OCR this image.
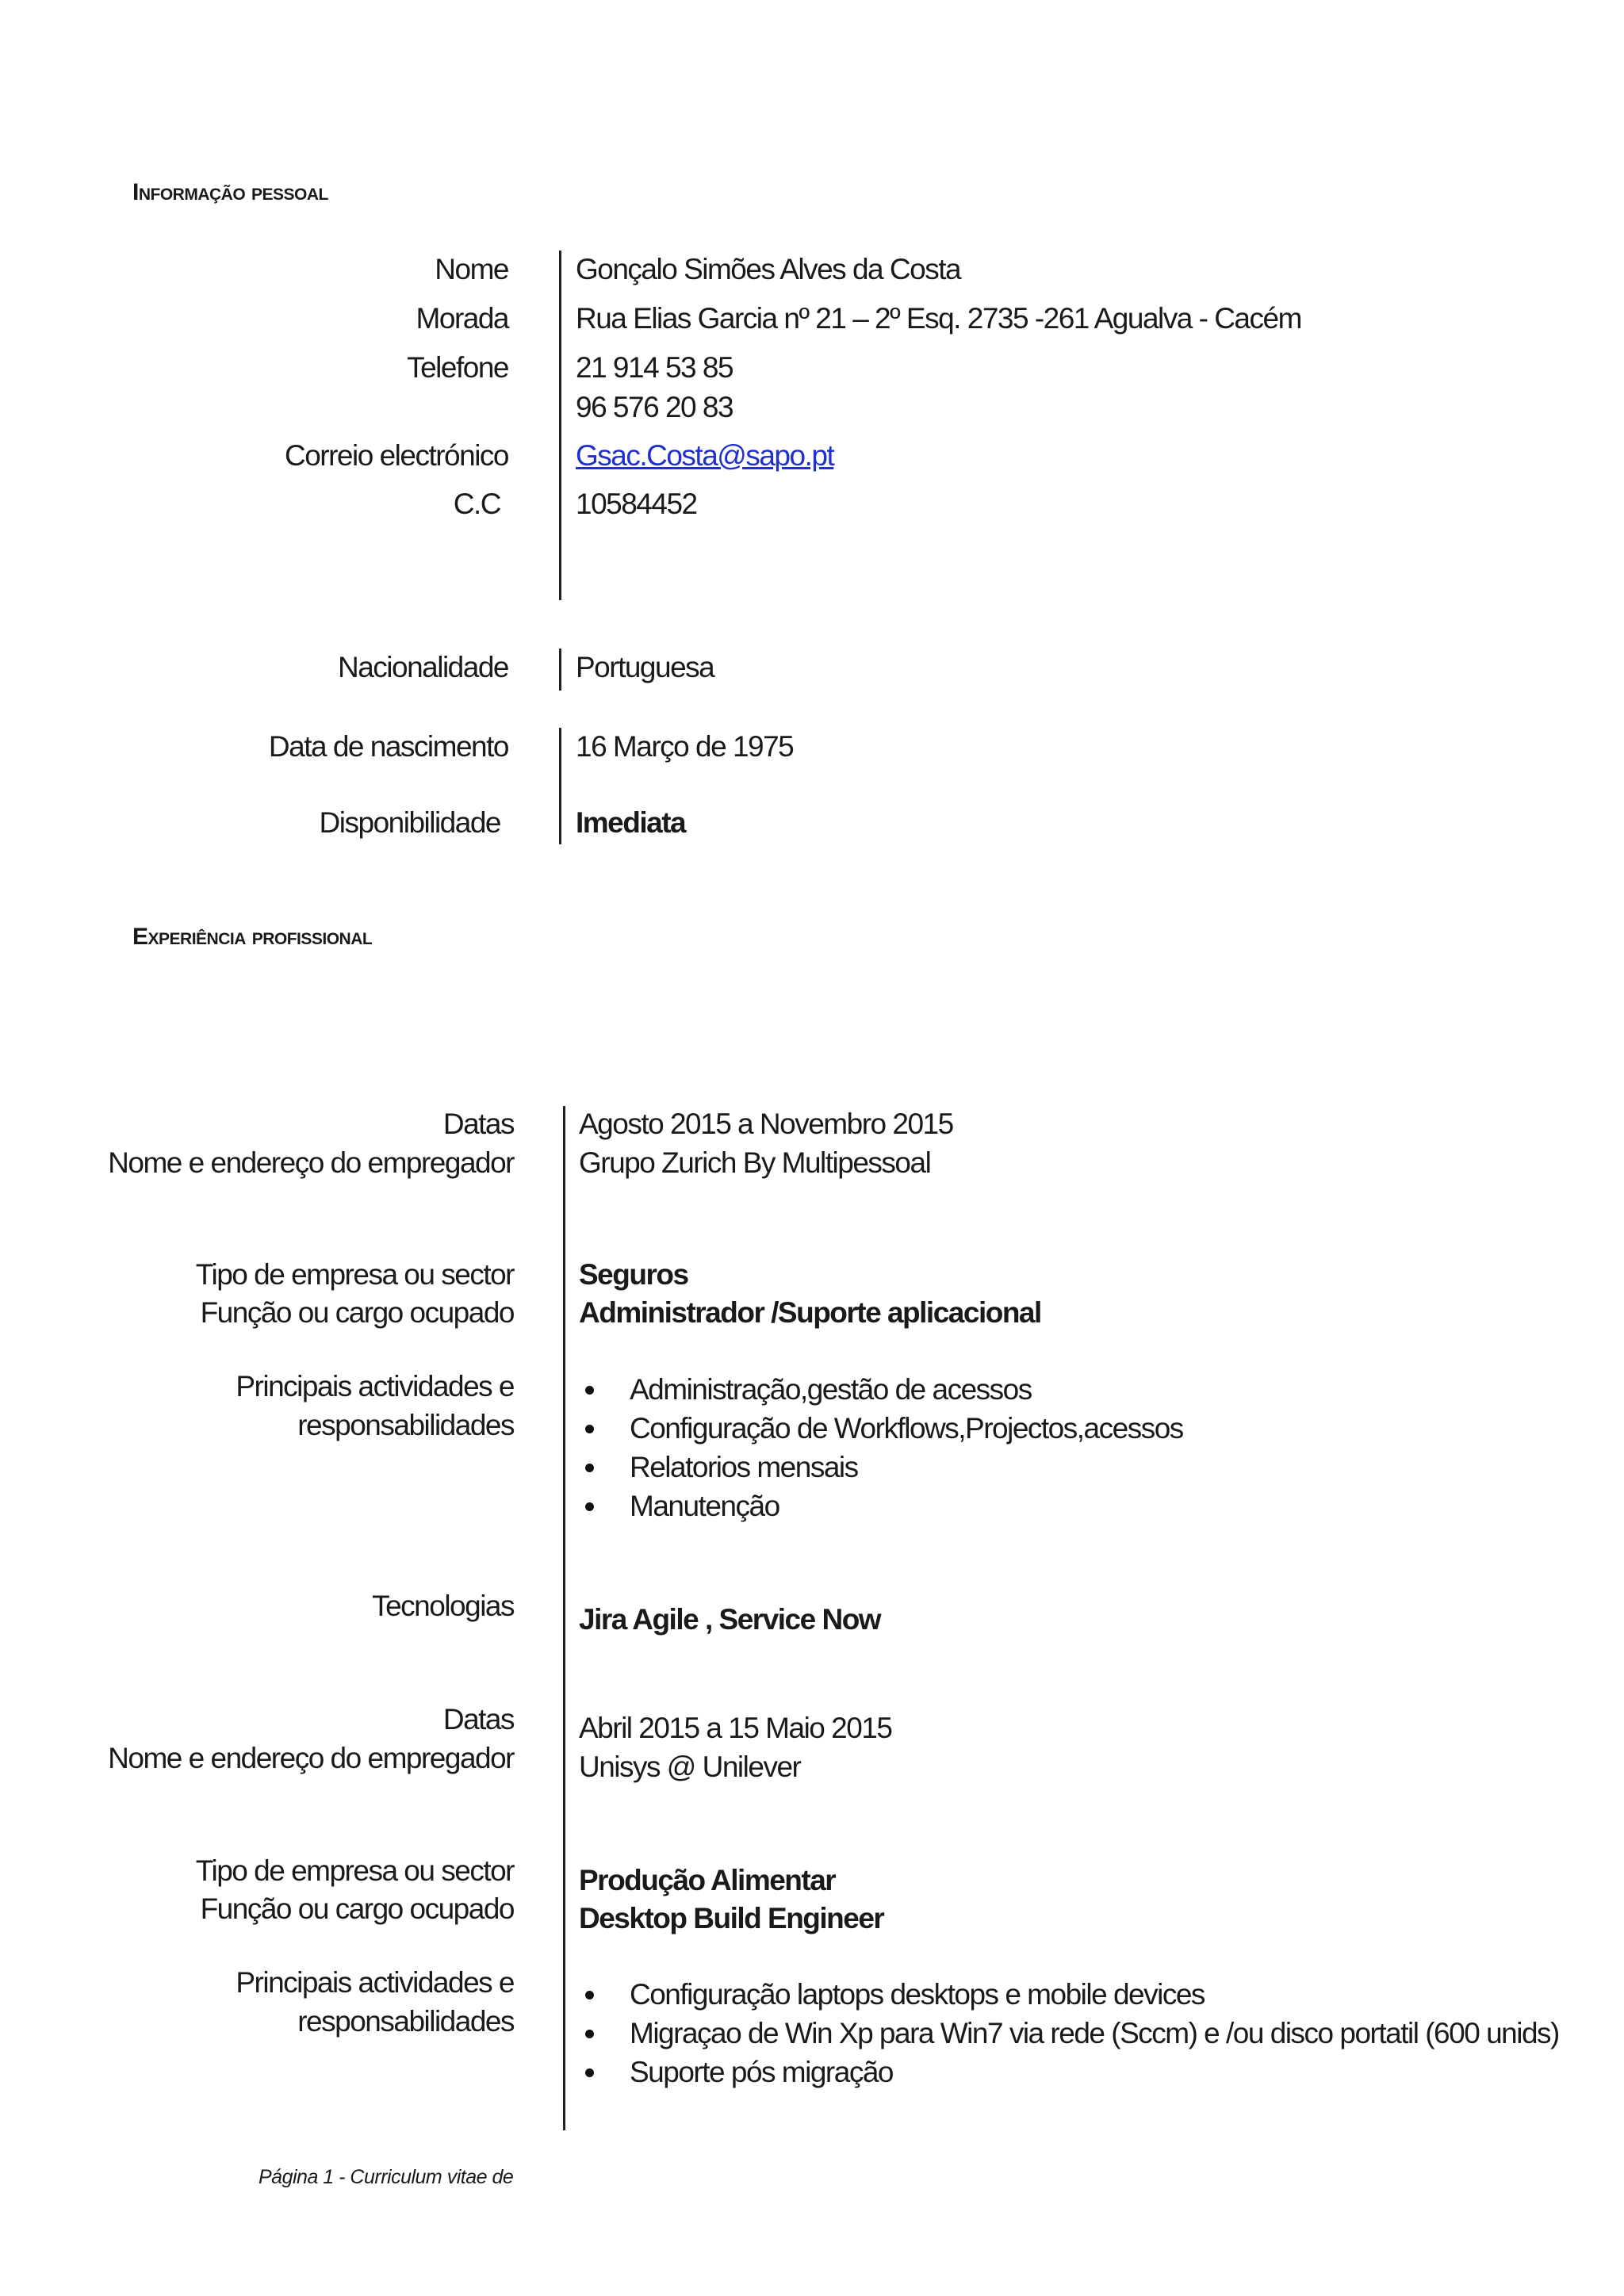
Informação pessoal
Nome Gonçalo Simões Alves da Costa
Morada Rua Elias Garcia nº 21 – 2º Esq. 2735 -261 Agualva - Cacém
Telefone 21 914 53 85
96 576 20 83
Correio electrónico Gsac.Costa@sapo.pt
C.C	10584452
Nacionalidade Portuguesa
Data de nascimento 16 Março de 1975
Disponibilidade	Imediata
Experiência profissional
Datas Agosto 2015 a Novembro 2015
Nome e endereço do empregador Grupo Zurich By Multipessoal
Tipo de empresa ou sector Seguros
Função ou cargo ocupado Administrador /Suporte aplicacional
Principais actividades e
responsabilidades
Administração,gestão de acessos
Configuração de Workflows,Projectos,acessos
Relatorios mensais
Manutenção
Tecnologias Jira Agile , Service Now
Datas Abril 2015 a 15 Maio 2015
Nome e endereço do empregador Unisys @ Unilever
Tipo de empresa ou sector Produção Alimentar
Função ou cargo ocupado Desktop Build Engineer
Principais actividades e
responsabilidades
Configuração laptops desktops e mobile devices
Migraçao de Win Xp para Win7 via rede (Sccm) e /ou disco portatil (600 unids)
Suporte pós migração
Página 1 - Curriculum vitae de
